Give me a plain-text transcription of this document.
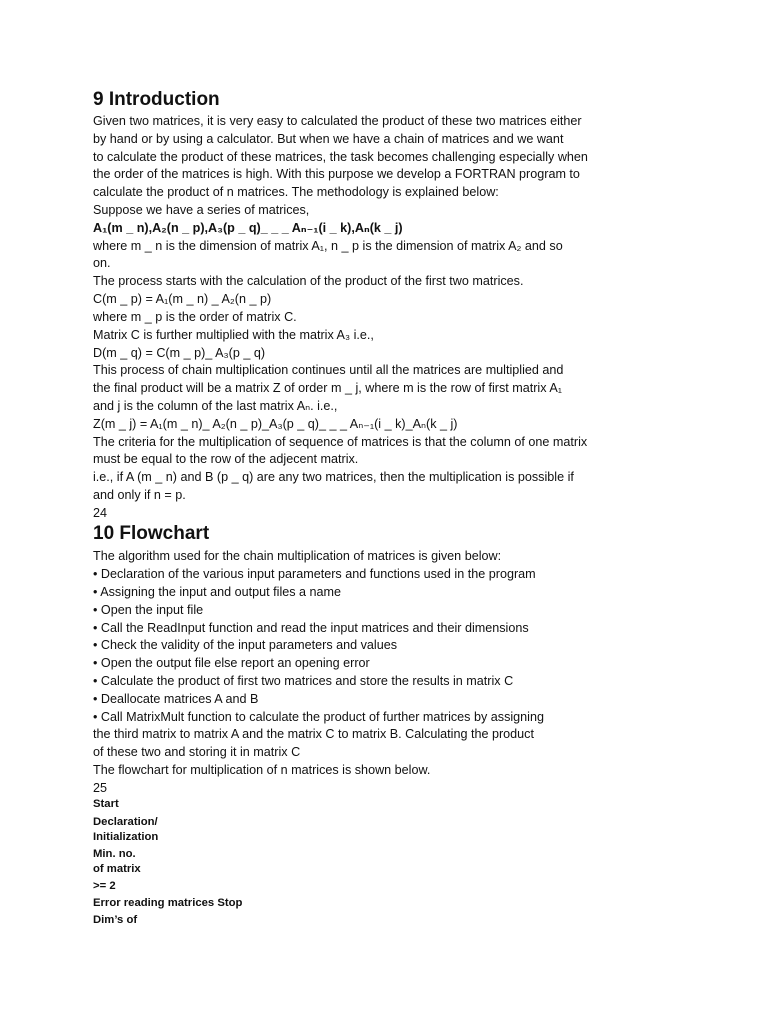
9 Introduction

Given two matrices, it is very easy to calculated the product of these two matrices either

by hand or by using a calculator. But when we have a chain of matrices and we want

to calculate the product of these matrices, the task becomes challenging especially when

the order of the matrices is high. With this purpose we develop a FORTRAN program to

calculate the product of n matrices. The methodology is explained below:

Suppose we have a series of matrices,

A₁(m _ n),A₂(n _ p),A₃(p _ q)_ _ _ Aₙ₋₁(i _ k),Aₙ(k _ j)

where m _ n is the dimension of matrix A₁, n _ p is the dimension of matrix A₂ and so

on.

The process starts with the calculation of the product of the first two matrices.

C(m _ p) = A₁(m _ n) _ A₂(n _ p)

where m _ p is the order of matrix C.

Matrix C is further multiplied with the matrix A₃ i.e.,

D(m _ q) = C(m _ p)_ A₃(p _ q)

This process of chain multiplication continues until all the matrices are multiplied and

the final product will be a matrix Z of order m _ j, where m is the row of first matrix A₁

and j is the column of the last matrix Aₙ. i.e.,

Z(m _ j) = A₁(m _ n)_ A₂(n _ p)_A₃(p _ q)_ _ _ Aₙ₋₁(i _ k)_Aₙ(k _ j)

The criteria for the multiplication of sequence of matrices is that the column of one matrix

must be equal to the row of the adjecent matrix.

i.e., if A (m _ n) and B (p _ q) are any two matrices, then the multiplication is possible if

and only if n = p.

24

10 Flowchart

The algorithm used for the chain multiplication of matrices is given below:

• Declaration of the various input parameters and functions used in the program

• Assigning the input and output files a name

• Open the input file

• Call the ReadInput function and read the input matrices and their dimensions

• Check the validity of the input parameters and values

• Open the output file else report an opening error

• Calculate the product of first two matrices and store the results in matrix C

• Deallocate matrices A and B

• Call MatrixMult function to calculate the product of further matrices by assigning

the third matrix to matrix A and the matrix C to matrix B. Calculating the product

of these two and storing it in matrix C

The flowchart for multiplication of n matrices is shown below.

25

Start

Declaration/

Initialization

Min. no.

of matrix

>= 2

Error reading matrices Stop

Dim’s of
